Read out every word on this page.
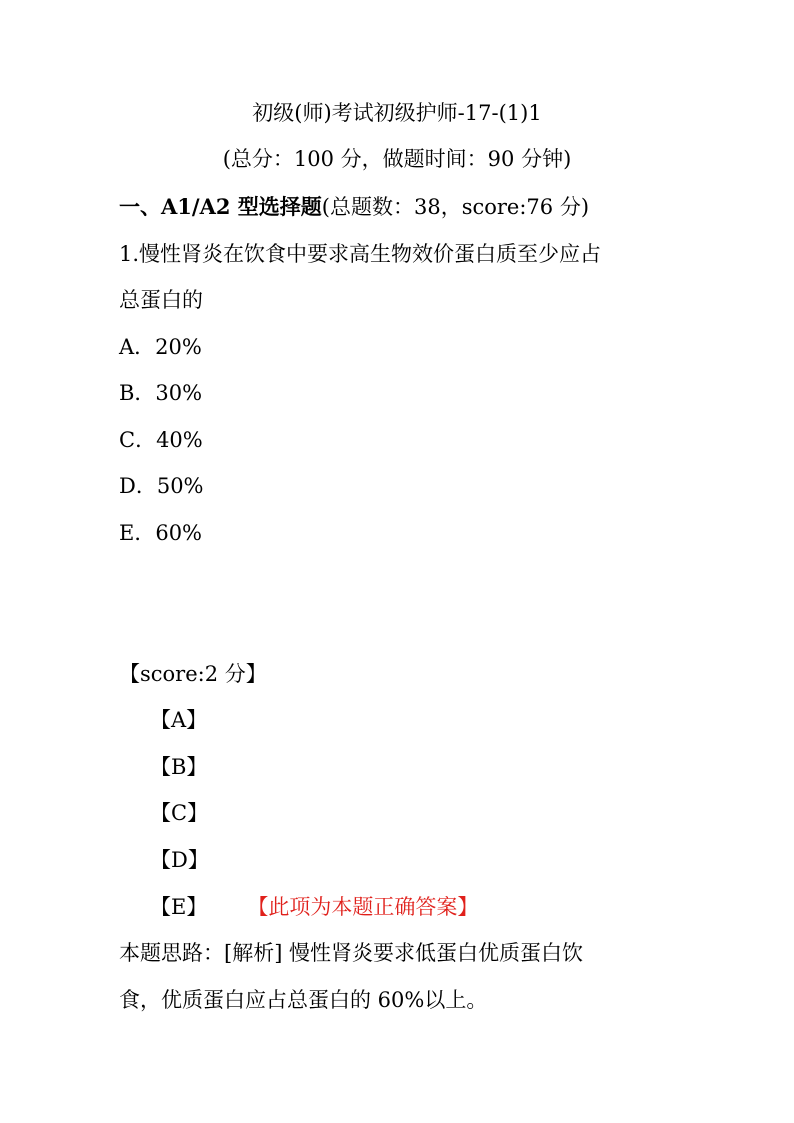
初级(师)考试初级护师-17-(1)1
(总分：100 分，做题时间：90 分钟)
一、A1/A2 型选择题(总题数：38，score:76 分)
1.慢性肾炎在饮食中要求高生物效价蛋白质至少应占
总蛋白的
A．20%
B．30%
C．40%
D．50%
E．60%
【score:2 分】
【A】
【B】
【C】
【D】
【E】 【此项为本题正确答案】
本题思路：[解析] 慢性肾炎要求低蛋白优质蛋白饮
食，优质蛋白应占总蛋白的 60%以上。
